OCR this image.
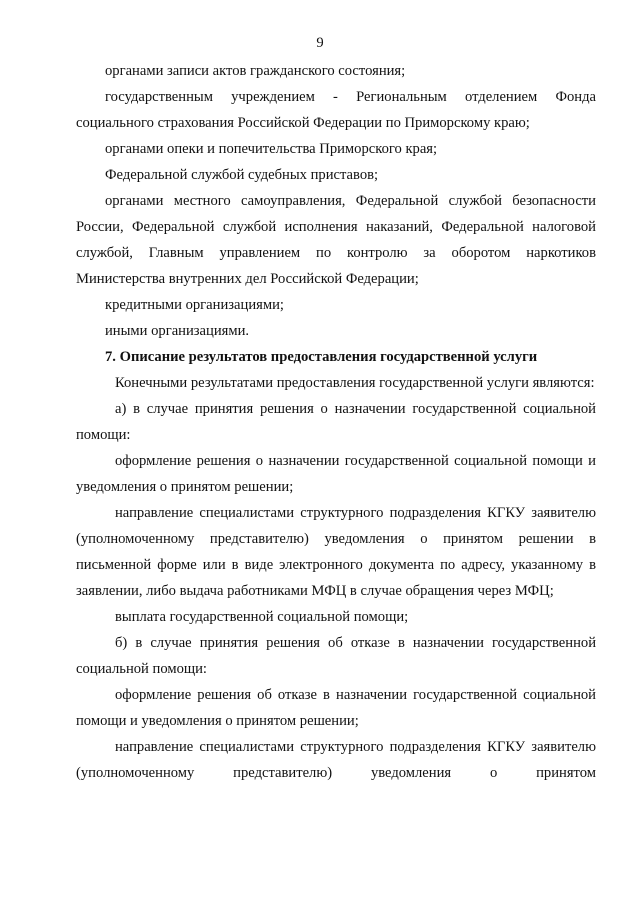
9

органами записи актов гражданского состояния;

государственным учреждением - Региональным отделением Фонда социального страхования Российской Федерации по Приморскому краю;

органами опеки и попечительства Приморского края;

Федеральной службой судебных приставов;

органами местного самоуправления, Федеральной службой безопасности России, Федеральной службой исполнения наказаний, Федеральной налоговой службой, Главным управлением по контролю за оборотом наркотиков Министерства внутренних дел Российской Федерации;

кредитными организациями;

иными организациями.

7. Описание результатов предоставления государственной услуги

Конечными результатами предоставления государственной услуги являются:

а) в случае принятия решения о назначении государственной социальной помощи:

оформление решения о назначении государственной социальной помощи и уведомления о принятом решении;

направление специалистами структурного подразделения КГКУ заявителю (уполномоченному представителю) уведомления о принятом решении в письменной форме или в виде электронного документа по адресу, указанному в заявлении, либо выдача работниками МФЦ в случае обращения через МФЦ;

выплата государственной социальной помощи;

б) в случае принятия решения об отказе в назначении государственной социальной помощи:

оформление решения об отказе в назначении государственной социальной помощи и уведомления о принятом решении;

направление специалистами структурного подразделения КГКУ заявителю (уполномоченному представителю) уведомления о принятом
